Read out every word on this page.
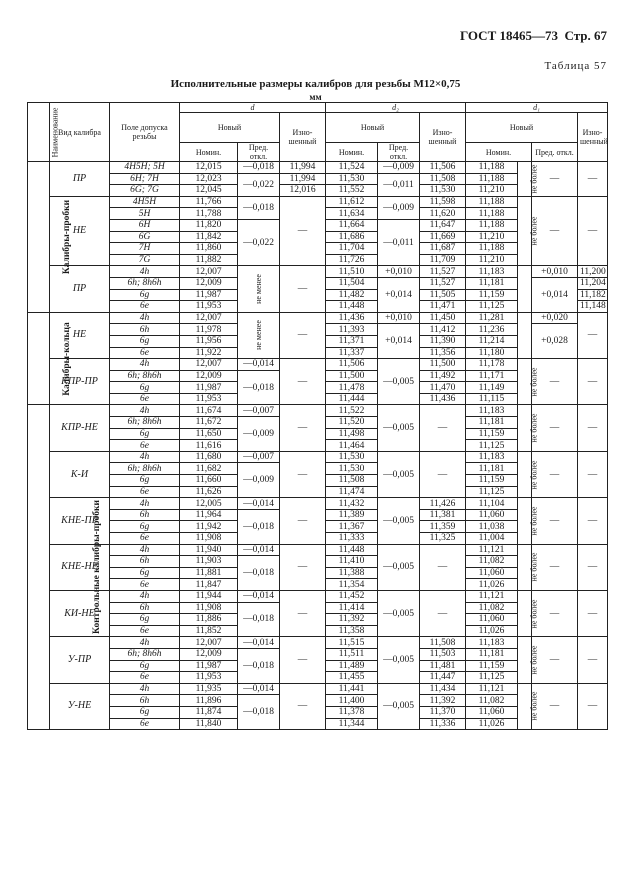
ГОСТ 18465—73 Стр. 67
Таблица 57
Исполнительные размеры калибров для резьбы М12×0,75
мм
Наименование	Вид калибра	Поле допуска резьбы	d			d₂			d₁			
			Новый		Изно- шенный	Новый		Изно- шенный	Новый			Изно- шенный
			Номин.	Пред. откл.		Номин.	Пред. откл.		Номин.		Пред. откл.	
Калибры-пробки	ПР	4H5H; 5H	12,015	—0,018	11,994	11,524	—0,009	11,506	11,188	не более	—	—
		6H; 7H	12,023	—0,022	11,994	11,530	—0,011	11,508	11,188			
		6G; 7G	12,045		12,016	11,552		11,530	11,210			
	НЕ	4H5H	11,766	—0,018	—	11,612	—0,009	11,598	11,188	не более	—	—
		5H	11,788			11,634		11,620	11,188			
		6H	11,820	—0,022		11,664	—0,011	11,647	11,188			
		6G	11,842			11,686		11,669	11,210			
		7H	11,860			11,704		11,687	11,188			
		7G	11,882			11,726		11,709	11,210			
	ПР	4h	12,007	не менее	—	11,510	+0,010	11,527	11,183		+0,010	11,200
		6h; 8h6h	12,009			11,504	+0,014	11,527	11,181		+0,014	11,204
		6g	11,987			11,482		11,505	11,159			11,182
		6e	11,953			11,448		11,471	11,125			11,148
Калибры-кольца	НЕ	4h	12,007	не менее	—	11,436	+0,010	11,450	11,281		+0,020	—
		6h	11,978			11,393	+0,014	11,412	11,236		+0,028	
		6g	11,956			11,371		11,390	11,214			
		6e	11,922			11,337		11,356	11,180			
	КПР-ПР	4h	12,007	—0,014	—	11,506	—0,005	11,500	11,178	не более	—	—
		6h; 8h6h	12,009	—0,018		11,500		11,492	11,171			
		6g	11,987			11,478		11,470	11,149			
		6e	11,953			11,444		11,436	11,115			
Контрольные калибры-пробки	КПР-НЕ	4h	11,674	—0,007	—	11,522	—0,005	—	11,183	не более	—	—
		6h; 8h6h	11,672	—0,009		11,520			11,181			
		6g	11,650			11,498			11,159			
		6e	11,616			11,464			11,125			
	К-И	4h	11,680	—0,007	—	11,530	—0,005	—	11,183	не более	—	—
		6h; 8h6h	11,682	—0,009		11,530			11,181			
		6g	11,660			11,508			11,159			
		6e	11,626			11,474			11,125			
	КНЕ-ПР	4h	12,005	—0,014	—	11,432	—0,005	11,426	11,104	не более	—	—
		6h	11,964	—0,018		11,389		11,381	11,060			
		6g	11,942			11,367		11,359	11,038			
		6e	11,908			11,333		11,325	11,004			
	КНЕ-НЕ	4h	11,940	—0,014	—	11,448	—0,005	—	11,121	не более	—	—
		6h	11,903	—0,018		11,410			11,082			
		6g	11,881			11,388			11,060			
		6e	11,847			11,354			11,026			
	КИ-НЕ	4h	11,944	—0,014	—	11,452	—0,005	—	11,121	не более	—	—
		6h	11,908	—0,018		11,414			11,082			
		6g	11,886			11,392			11,060			
		6e	11,852			11,358			11,026			
	У-ПР	4h	12,007	—0,014	—	11,515	—0,005	11,508	11,183	не более	—	—
		6h; 8h6h	12,009	—0,018		11,511		11,503	11,181			
		6g	11,987			11,489		11,481	11,159			
		6e	11,953			11,455		11,447	11,125			
	У-НЕ	4h	11,935	—0,014	—	11,441	—0,005	11,434	11,121	не более	—	—
		6h	11,896	—0,018		11,400		11,392	11,082			
		6g	11,874			11,378		11,370	11,060			
		6e	11,840			11,344		11,336	11,026			
